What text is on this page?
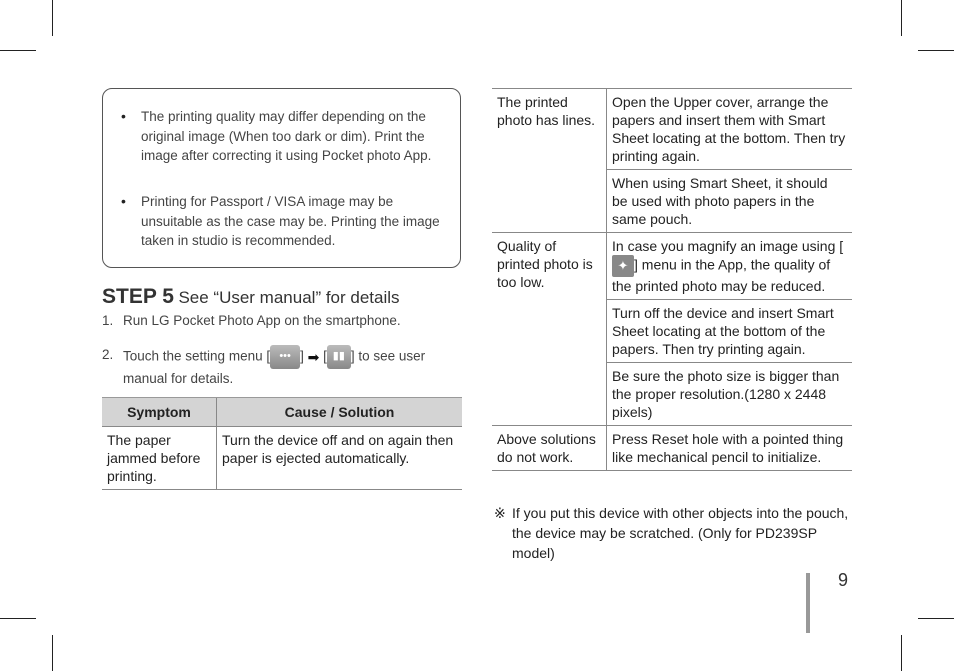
• The printing quality may differ depending on the original image (When too dark or dim). Print the image after correcting it using Pocket photo App.
• Printing for Passport / VISA image may be unsuitable as the case may be. Printing the image taken in studio is recommended.
STEP 5 See “User manual” for details
1. Run LG Pocket Photo App on the smartphone.
2. Touch the setting menu [ ••• ] ➡ [ ▮▮ ] to see user manual for details.
Symptom	Cause / Solution
The paper jammed before printing.	Turn the device off and on again then paper is ejected automatically.
The printed photo has lines.	Open the Upper cover, arrange the papers and insert them with Smart Sheet locating at the bottom. Then try printing again.
	When using Smart Sheet, it should be used with photo papers in the same pouch.
Quality of printed photo is too low.	In case you magnify an image using [✦ ] menu in the App, the quality of the printed photo may be reduced.
	Turn off the device and insert Smart Sheet locating at the bottom of the papers. Then try printing again.
	Be sure the photo size is bigger than the proper resolution.(1280 x 2448 pixels)
Above solutions do not work.	Press Reset hole with a pointed thing like mechanical pencil to initialize.
※ If you put this device with other objects into the pouch, the device may be scratched. (Only for PD239SP model)
9
